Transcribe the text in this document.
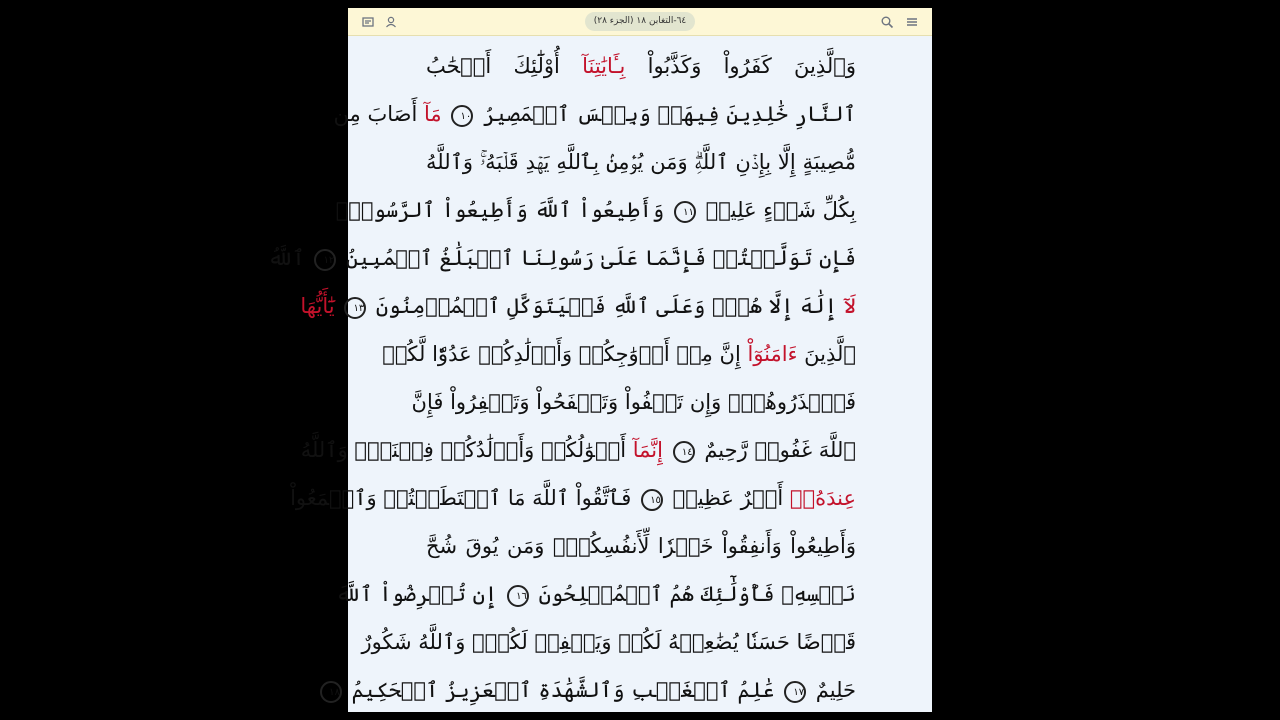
٦٤-التغابن ١٨ (الجزء ٢٨)
وَٱلَّذِينَ كَفَرُواْ وَكَذَّبُواْ بِـَٔايَٰتِنَآ أُوْلَٰٓئِكَ أَصۡحَٰبُ
ٱلنَّارِ خَٰلِدِينَ فِيهَاۖ وَبِئۡسَ ٱلۡمَصِيرُ ١٠ مَآ أَصَابَ مِن
مُّصِيبَةٍ إِلَّا بِإِذۡنِ ٱللَّهِۗ وَمَن يُؤۡمِنۢ بِٱللَّهِ يَهۡدِ قَلۡبَهُۥۚ وَٱللَّهُ
بِكُلِّ شَيۡءٍ عَلِيمٞ ١١ وَأَطِيعُواْ ٱللَّهَ وَأَطِيعُواْ ٱلرَّسُولَۚ
فَإِن تَوَلَّيۡتُمۡ فَإِنَّمَا عَلَىٰ رَسُولِنَا ٱلۡبَلَٰغُ ٱلۡمُبِينُ ١٢ ٱللَّهُ
لَآ إِلَٰهَ إِلَّا هُوَۚ وَعَلَى ٱللَّهِ فَلۡيَتَوَكَّلِ ٱلۡمُؤۡمِنُونَ ١٣ يَٰٓأَيُّهَا
ٱلَّذِينَ ءَامَنُوٓاْ إِنَّ مِنۡ أَزۡوَٰجِكُمۡ وَأَوۡلَٰدِكُمۡ عَدُوّٗا لَّكُمۡ
فَٱحۡذَرُوهُمۡۚ وَإِن تَعۡفُواْ وَتَصۡفَحُواْ وَتَغۡفِرُواْ فَإِنَّ
ٱللَّهَ غَفُورٞ رَّحِيمٌ ١٤ إِنَّمَآ أَمۡوَٰلُكُمۡ وَأَوۡلَٰدُكُمۡ فِتۡنَةٞۚ وَٱللَّهُ
عِندَهُۥٓ أَجۡرٌ عَظِيمٞ ١٥ فَٱتَّقُواْ ٱللَّهَ مَا ٱسۡتَطَعۡتُمۡ وَٱسۡمَعُواْ
وَأَطِيعُواْ وَأَنفِقُواْ خَيۡرٗا لِّأَنفُسِكُمۡۗ وَمَن يُوقَ شُحَّ
نَفۡسِهِۦ فَأُوْلَٰٓئِكَ هُمُ ٱلۡمُفۡلِحُونَ ١٦ إِن تُقۡرِضُواْ ٱللَّهَ
قَرۡضًا حَسَنٗا يُضَٰعِفۡهُ لَكُمۡ وَيَغۡفِرۡ لَكُمۡۚ وَٱللَّهُ شَكُورٌ
حَلِيمٌ ١٧ عَٰلِمُ ٱلۡغَيۡبِ وَٱلشَّهَٰدَةِ ٱلۡعَزِيزُ ٱلۡحَكِيمُ ١٨
